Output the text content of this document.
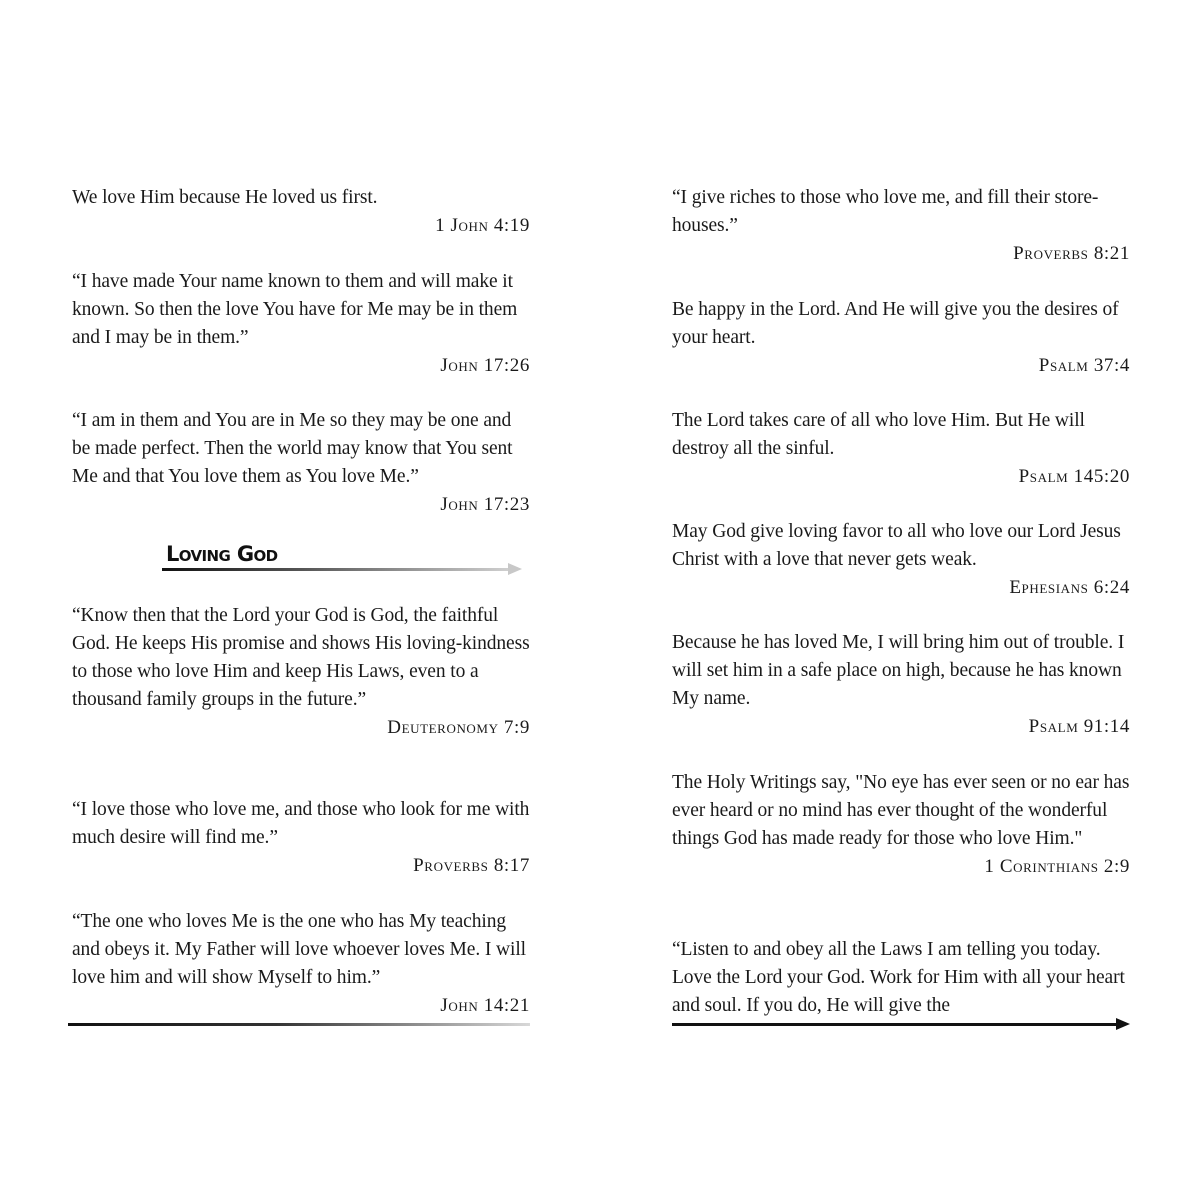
We love Him because He loved us first.

1 John 4:19

“I have made Your name known to them and will make it known. So then the love You have for Me may be in them and I may be in them.”

John 17:26

“I am in them and You are in Me so they may be one and be made perfect. Then the world may know that You sent Me and that You love them as You love Me.”

John 17:23

“Know then that the Lord your God is God, the faithful God. He keeps His promise and shows His loving-kindness to those who love Him and keep His Laws, even to a thousand family groups in the future.”

Deuteronomy 7:9

“I love those who love me, and those who look for me with much desire will find me.”

Proverbs 8:17

“The one who loves Me is the one who has My teaching and obeys it. My Father will love whoever loves Me. I will love him and will show Myself to him.”

John 14:21

Loving God

“I give riches to those who love me, and fill their store-houses.”

Proverbs 8:21

Be happy in the Lord. And He will give you the desires of your heart.

Psalm 37:4

The Lord takes care of all who love Him. But He will destroy all the sinful.

Psalm 145:20

May God give loving favor to all who love our Lord Jesus Christ with a love that never gets weak.

Ephesians 6:24

Because he has loved Me, I will bring him out of trouble. I will set him in a safe place on high, because he has known My name.

Psalm 91:14

The Holy Writings say, "No eye has ever seen or no ear has ever heard or no mind has ever thought of the wonderful things God has made ready for those who love Him."

1 Corinthians 2:9

“Listen to and obey all the Laws I am telling you today. Love the Lord your God. Work for Him with all your heart and soul. If you do, He will give the
